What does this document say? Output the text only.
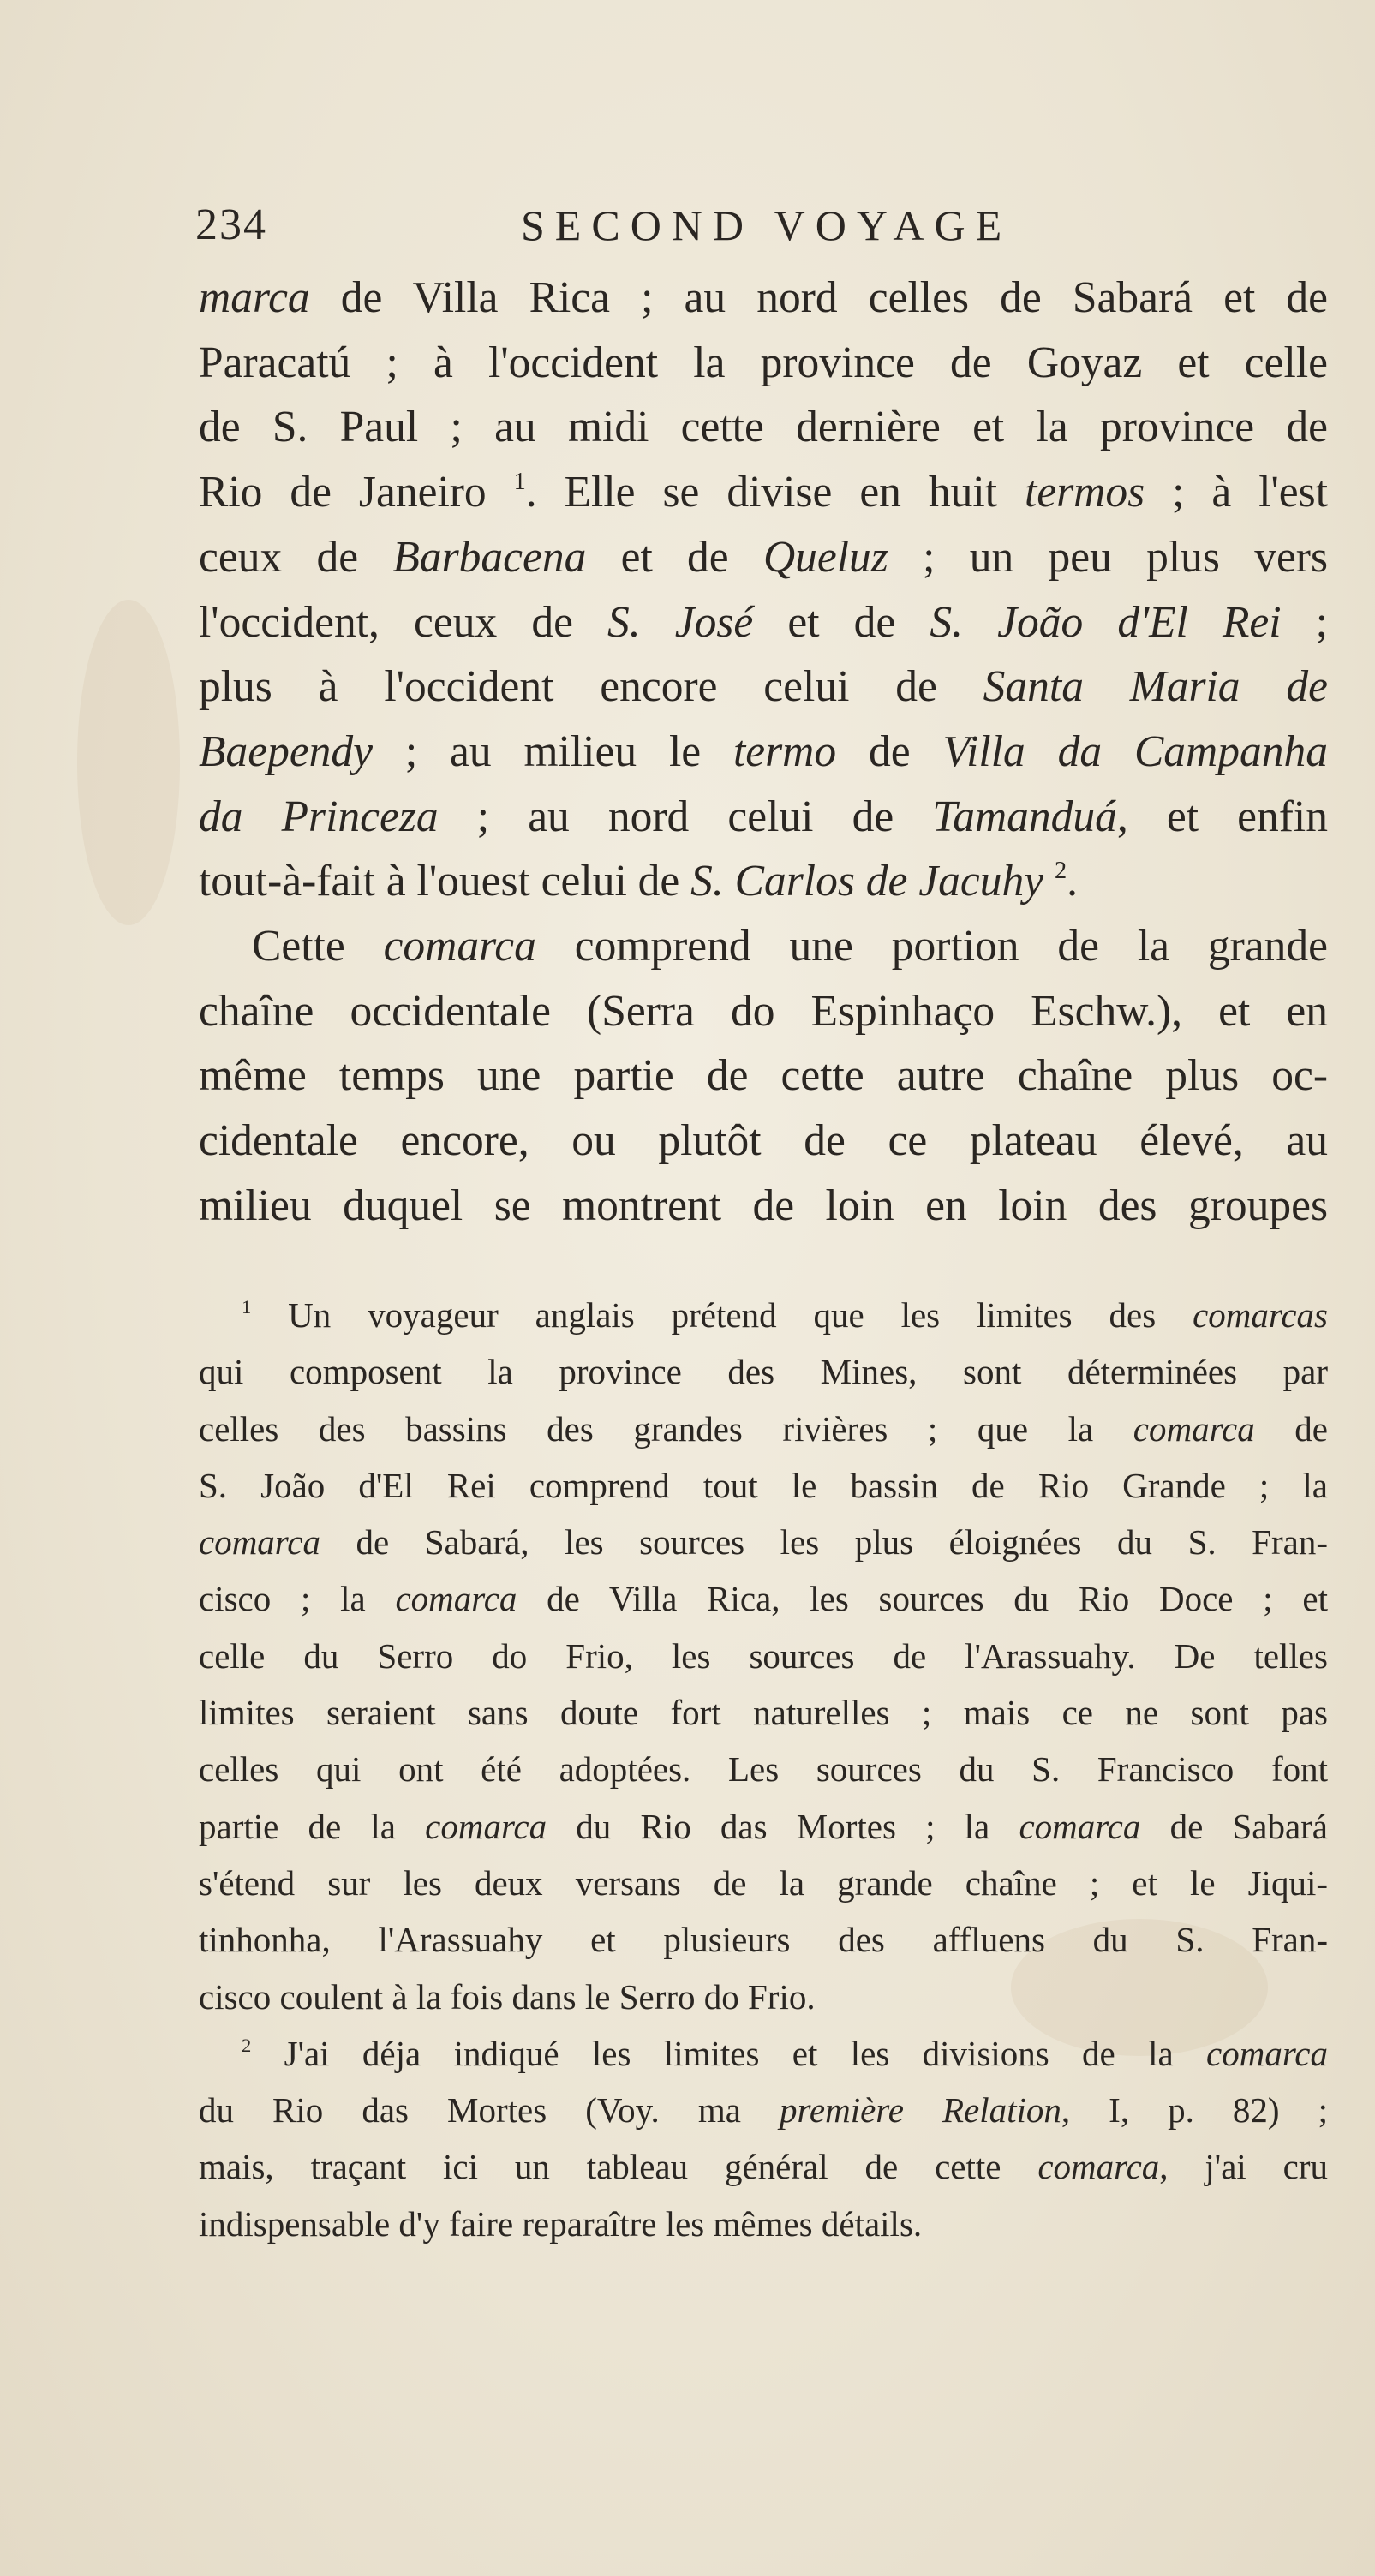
234	SECOND VOYAGE
marca de Villa Rica ; au nord celles de Sabará et de
Paracatú ; à l'occident la province de Goyaz et celle
de S. Paul ; au midi cette dernière et la province de
Rio de Janeiro $^1$. Elle se divise en huit termos ; à l'est
ceux de Barbacena et de Queluz ; un peu plus vers
l'occident, ceux de S. José et de S. João d'El Rei ;
plus à l'occident encore celui de Santa Maria de
Baependy ; au milieu le termo de Villa da Campanha
da Princeza ; au nord celui de Tamanduá, et enfin
tout-à-fait à l'ouest celui de S. Carlos de Jacuhy $^2$.
Cette comarca comprend une portion de la grande
chaîne occidentale (Serra do Espinhaço Eschw.), et en
même temps une partie de cette autre chaîne plus oc-
cidentale encore, ou plutôt de ce plateau élevé, au
milieu duquel se montrent de loin en loin des groupes
$^1$ Un voyageur anglais prétend que les limites des comarcas
qui composent la province des Mines, sont déterminées par
celles des bassins des grandes rivières ; que la comarca de
S. João d'El Rei comprend tout le bassin de Rio Grande ; la
comarca de Sabará, les sources les plus éloignées du S. Fran-
cisco ; la comarca de Villa Rica, les sources du Rio Doce ; et
celle du Serro do Frio, les sources de l'Arassuahy. De telles
limites seraient sans doute fort naturelles ; mais ce ne sont pas
celles qui ont été adoptées. Les sources du S. Francisco font
partie de la comarca du Rio das Mortes ; la comarca de Sabará
s'étend sur les deux versans de la grande chaîne ; et le Jiqui-
tinhonha, l'Arassuahy et plusieurs des affluens du S. Fran-
cisco coulent à la fois dans le Serro do Frio.
$^2$ J'ai déja indiqué les limites et les divisions de la comarca
du Rio das Mortes (Voy. ma première Relation, I, p. 82) ;
mais, traçant ici un tableau général de cette comarca, j'ai cru
indispensable d'y faire reparaître les mêmes détails.
